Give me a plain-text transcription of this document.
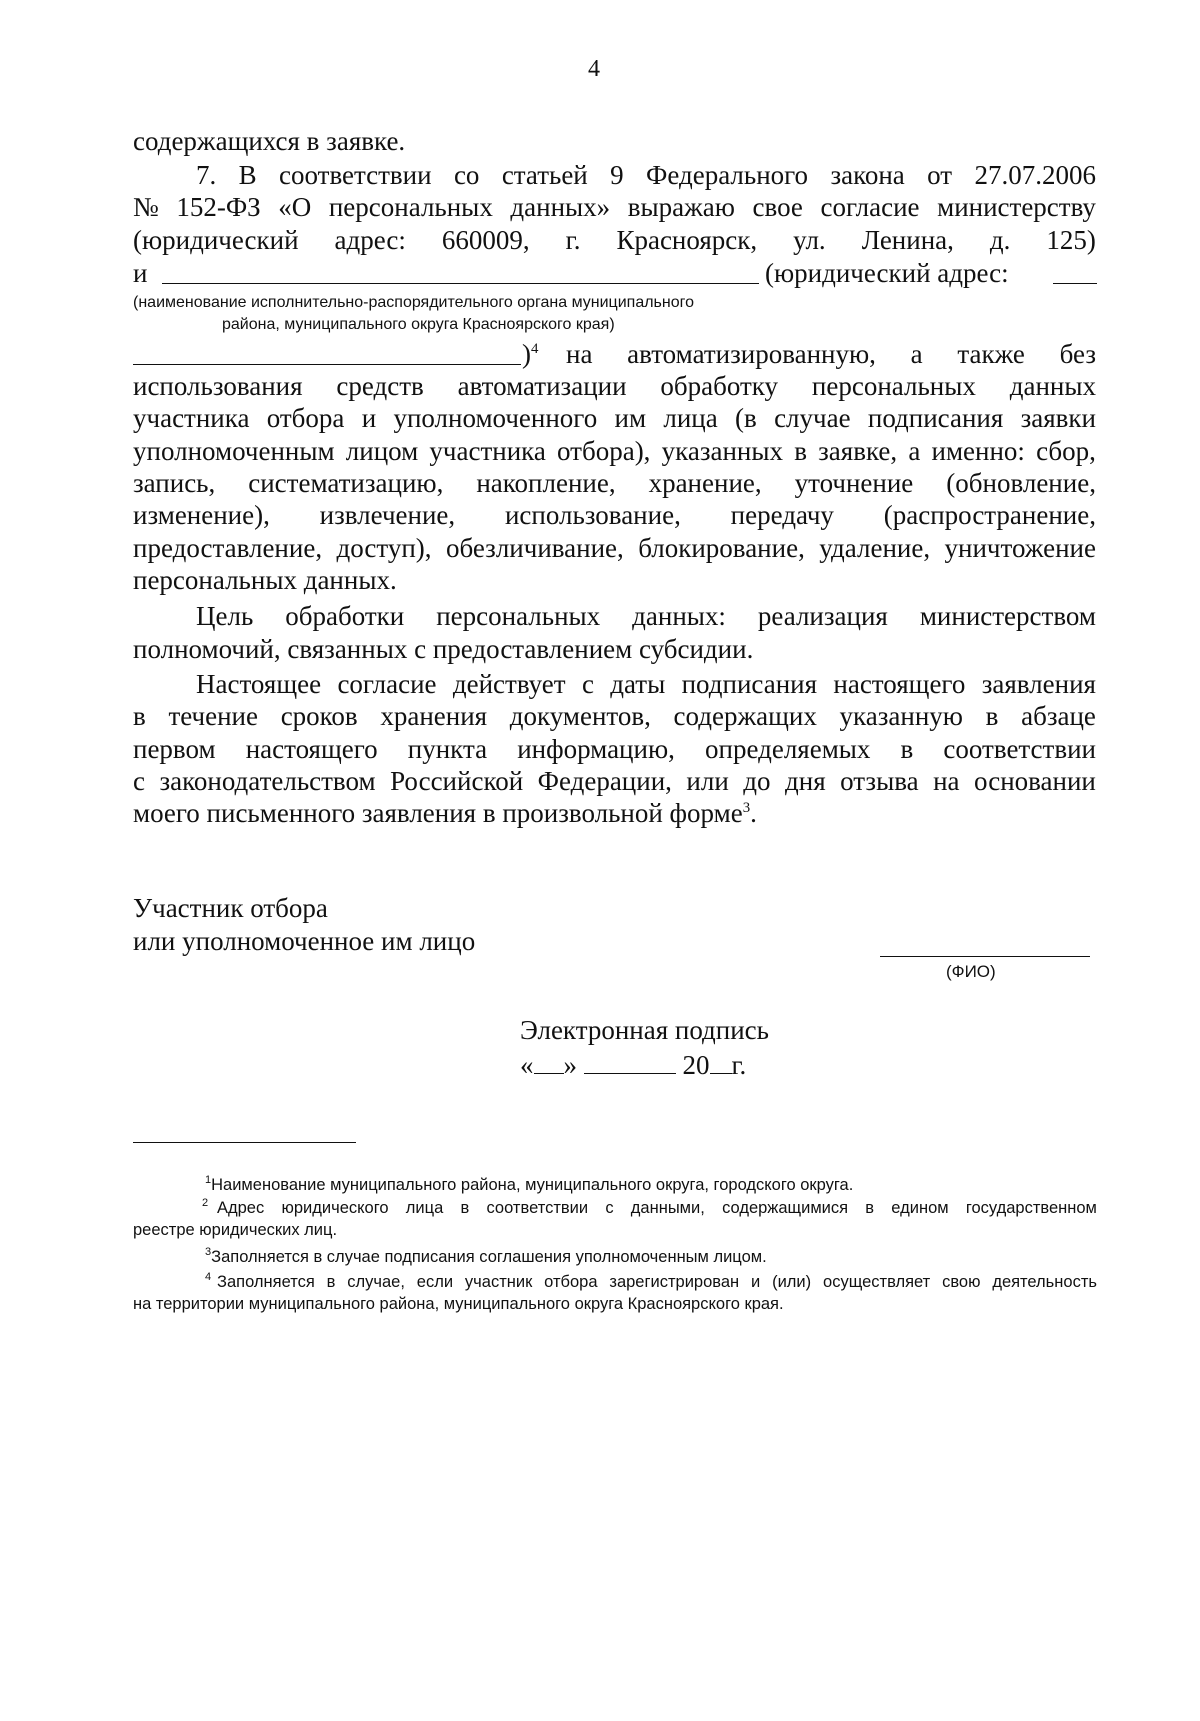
4
содержащихся в заявке.
7. В соответствии со статьей 9 Федерального закона от 27.07.2006
№ 152-ФЗ «О персональных данных» выражаю свое согласие министерству
(юридический адрес: 660009, г. Красноярск, ул. Ленина, д. 125)
и	(юридический адрес:
(наименование исполнительно-распорядительного органа муниципального
района, муниципального округа Красноярского края)
)$^4$ на автоматизированную, а также без
использования средств автоматизации обработку персональных данных
участника отбора и уполномоченного им лица (в случае подписания заявки
уполномоченным лицом участника отбора), указанных в заявке, а именно: сбор,
запись, систематизацию, накопление, хранение, уточнение (обновление,
изменение), извлечение, использование, передачу (распространение,
предоставление, доступ), обезличивание, блокирование, удаление, уничтожение
персональных данных.
Цель обработки персональных данных: реализация министерством
полномочий, связанных с предоставлением субсидии.
Настоящее согласие действует с даты подписания настоящего заявления
в течение сроков хранения документов, содержащих указанную в абзаце
первом настоящего пункта информацию, определяемых в соответствии
с законодательством Российской Федерации, или до дня отзыва на основании
моего письменного заявления в произвольной форме$^3$.
Участник отбора
или уполномоченное им лицо
(ФИО)
Электронная подпись
« »	20 г.
$^1$Наименование муниципального района, муниципального округа, городского округа.
$^2$ Адрес юридического лица в соответствии с данными, содержащимися в едином государственном
реестре юридических лиц.
$^3$Заполняется в случае подписания соглашения уполномоченным лицом.
$^4$ Заполняется в случае, если участник отбора зарегистрирован и (или) осуществляет свою деятельность
на территории муниципального района, муниципального округа Красноярского края.
